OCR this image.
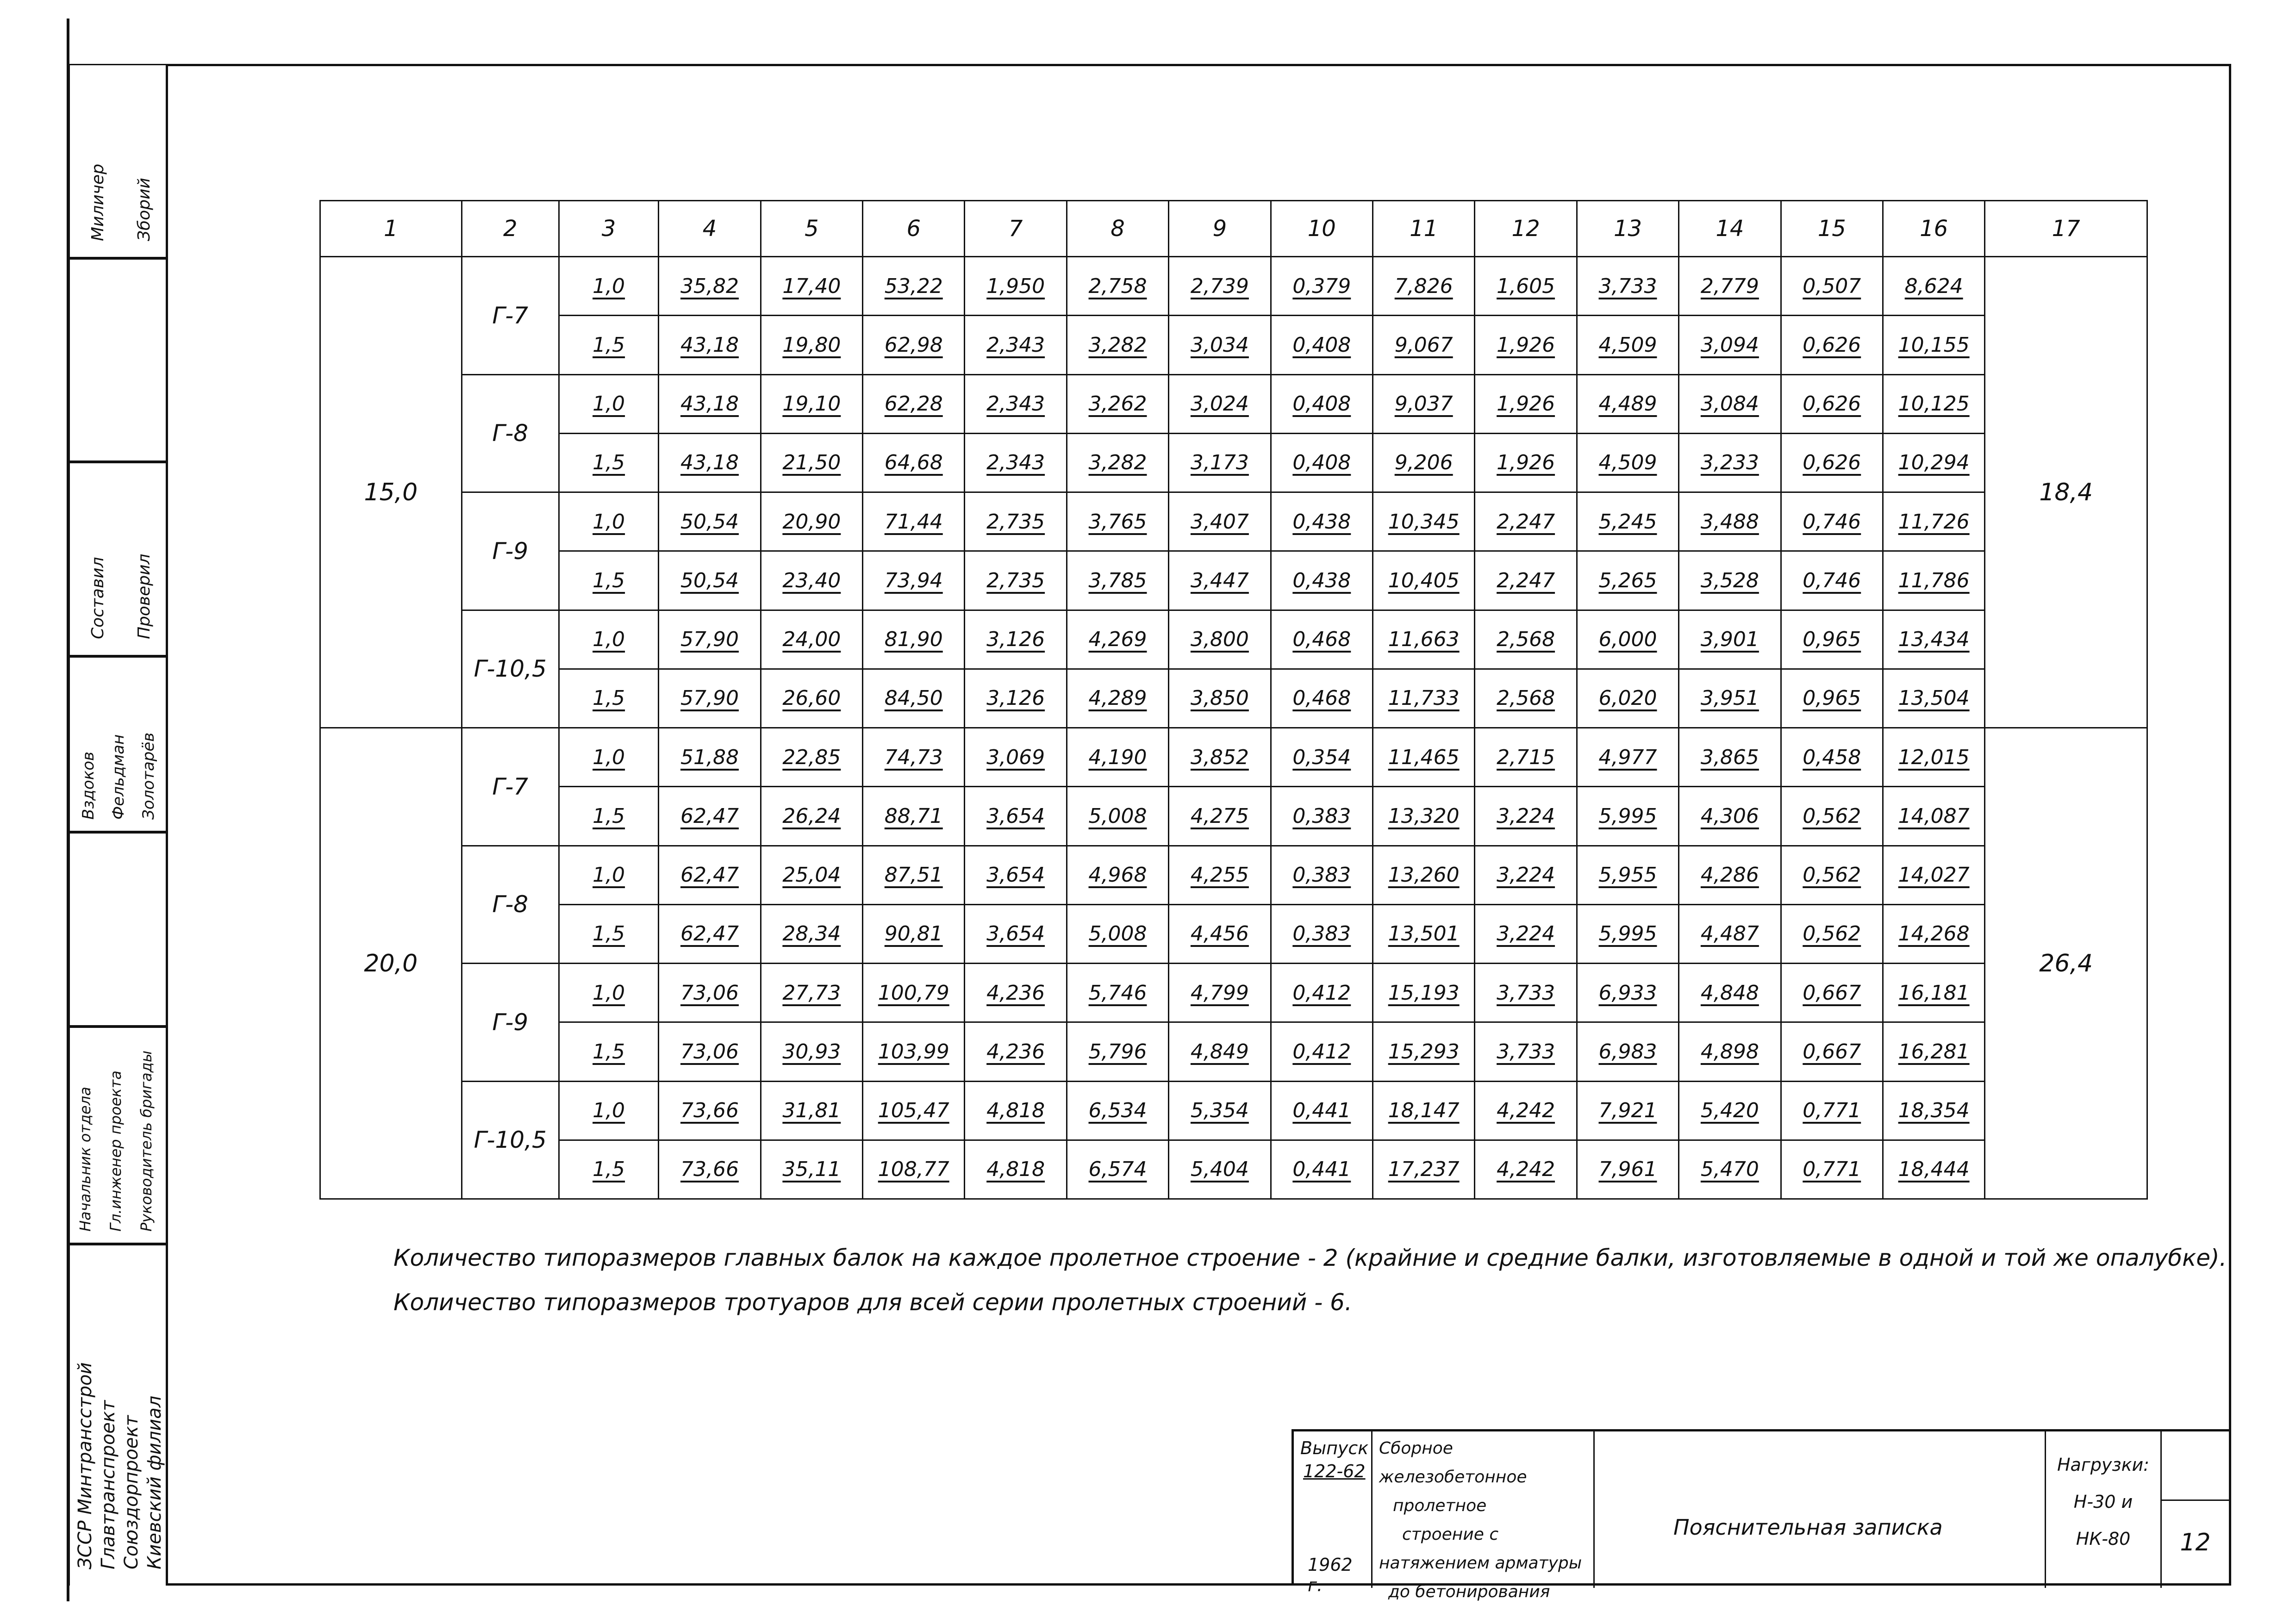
Миличер Зборий
Составил Проверил
Вздоков Фельдман Золотарёв
Начальник отдела Гл.инженер проекта Руководитель бригады
ЗССР Минтрансстрой Главтранспроект Союздорпроект Киевский филиал
1	2	3	4	5	6	7	8	9	10	11	12	13	14	15	16	17
15,0	Г-7	1,0	35,82	17,40	53,22	1,950	2,758	2,739	0,379	7,826	1,605	3,733	2,779	0,507	8,624	18,4
		1,5	43,18	19,80	62,98	2,343	3,282	3,034	0,408	9,067	1,926	4,509	3,094	0,626	10,155	
	Г-8	1,0	43,18	19,10	62,28	2,343	3,262	3,024	0,408	9,037	1,926	4,489	3,084	0,626	10,125	
		1,5	43,18	21,50	64,68	2,343	3,282	3,173	0,408	9,206	1,926	4,509	3,233	0,626	10,294	
	Г-9	1,0	50,54	20,90	71,44	2,735	3,765	3,407	0,438	10,345	2,247	5,245	3,488	0,746	11,726	
		1,5	50,54	23,40	73,94	2,735	3,785	3,447	0,438	10,405	2,247	5,265	3,528	0,746	11,786	
	Г-10,5	1,0	57,90	24,00	81,90	3,126	4,269	3,800	0,468	11,663	2,568	6,000	3,901	0,965	13,434	
		1,5	57,90	26,60	84,50	3,126	4,289	3,850	0,468	11,733	2,568	6,020	3,951	0,965	13,504	
20,0	Г-7	1,0	51,88	22,85	74,73	3,069	4,190	3,852	0,354	11,465	2,715	4,977	3,865	0,458	12,015	26,4
		1,5	62,47	26,24	88,71	3,654	5,008	4,275	0,383	13,320	3,224	5,995	4,306	0,562	14,087	
	Г-8	1,0	62,47	25,04	87,51	3,654	4,968	4,255	0,383	13,260	3,224	5,955	4,286	0,562	14,027	
		1,5	62,47	28,34	90,81	3,654	5,008	4,456	0,383	13,501	3,224	5,995	4,487	0,562	14,268	
	Г-9	1,0	73,06	27,73	100,79	4,236	5,746	4,799	0,412	15,193	3,733	6,933	4,848	0,667	16,181	
		1,5	73,06	30,93	103,99	4,236	5,796	4,849	0,412	15,293	3,733	6,983	4,898	0,667	16,281	
	Г-10,5	1,0	73,66	31,81	105,47	4,818	6,534	5,354	0,441	18,147	4,242	7,921	5,420	0,771	18,354	
		1,5	73,66	35,11	108,77	4,818	6,574	5,404	0,441	17,237	4,242	7,961	5,470	0,771	18,444	
Количество типоразмеров главных балок на каждое пролетное строение - 2 (крайние и средние балки, изготовляемые в одной и той же опалубке).
Количество типоразмеров тротуаров для всей серии пролетных строений - 6.
Выпуск
122-62
1962 г.
Сборное железобетонное
пролетное
строение с
натяжением арматуры
до бетонирования
Пояснительная записка
Нагрузки:
Н-30 и
НК-80	12
